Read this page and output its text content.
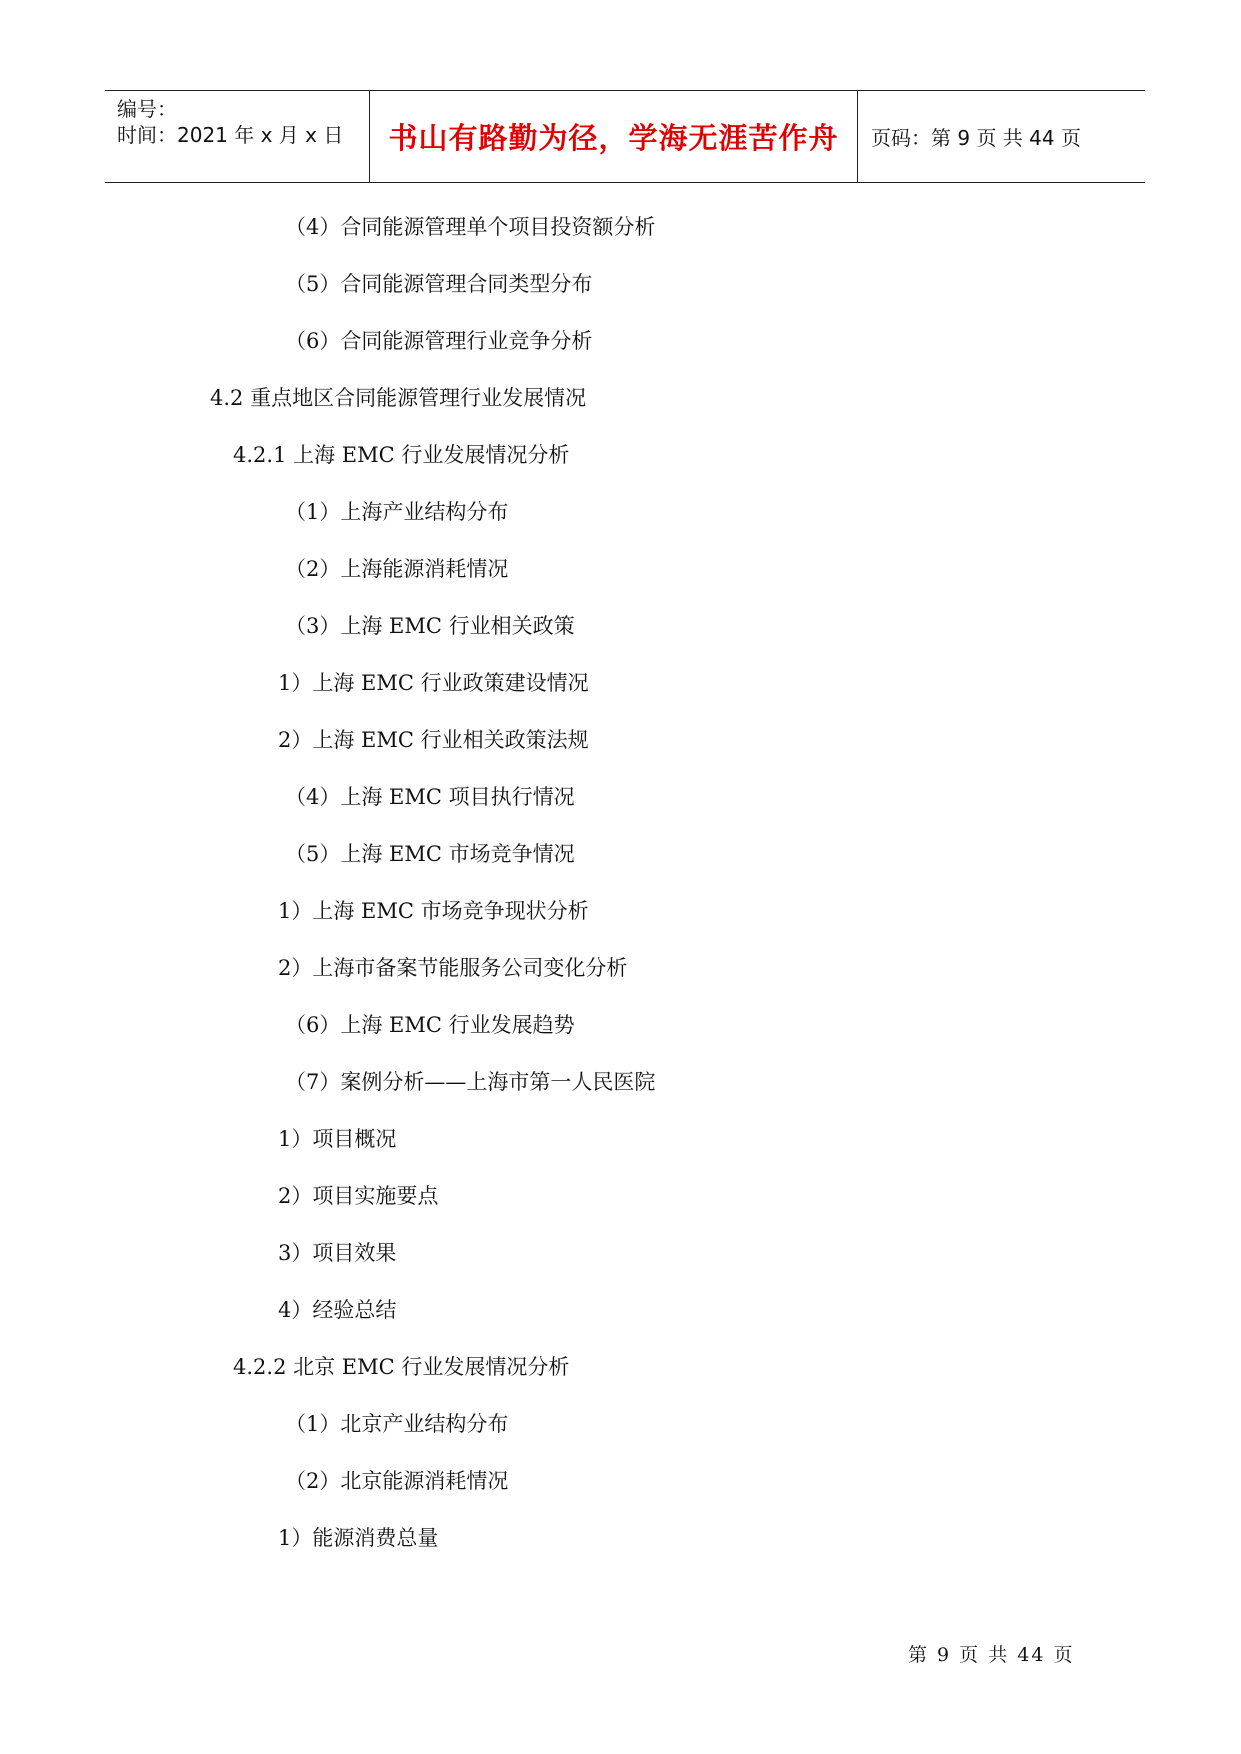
编号：
时间：2021 年 x 月 x 日	书山有路勤为径，学海无涯苦作舟	页码：第 9 页 共 44 页
（4）合同能源管理单个项目投资额分析
（5）合同能源管理合同类型分布
（6）合同能源管理行业竞争分析
4.2 重点地区合同能源管理行业发展情况
4.2.1 上海 EMC 行业发展情况分析
（1）上海产业结构分布
（2）上海能源消耗情况
（3）上海 EMC 行业相关政策
1）上海 EMC 行业政策建设情况
2）上海 EMC 行业相关政策法规
（4）上海 EMC 项目执行情况
（5）上海 EMC 市场竞争情况
1）上海 EMC 市场竞争现状分析
2）上海市备案节能服务公司变化分析
（6）上海 EMC 行业发展趋势
（7）案例分析——上海市第一人民医院
1）项目概况
2）项目实施要点
3）项目效果
4）经验总结
4.2.2 北京 EMC 行业发展情况分析
（1）北京产业结构分布
（2）北京能源消耗情况
1）能源消费总量
第 9 页 共 44 页
